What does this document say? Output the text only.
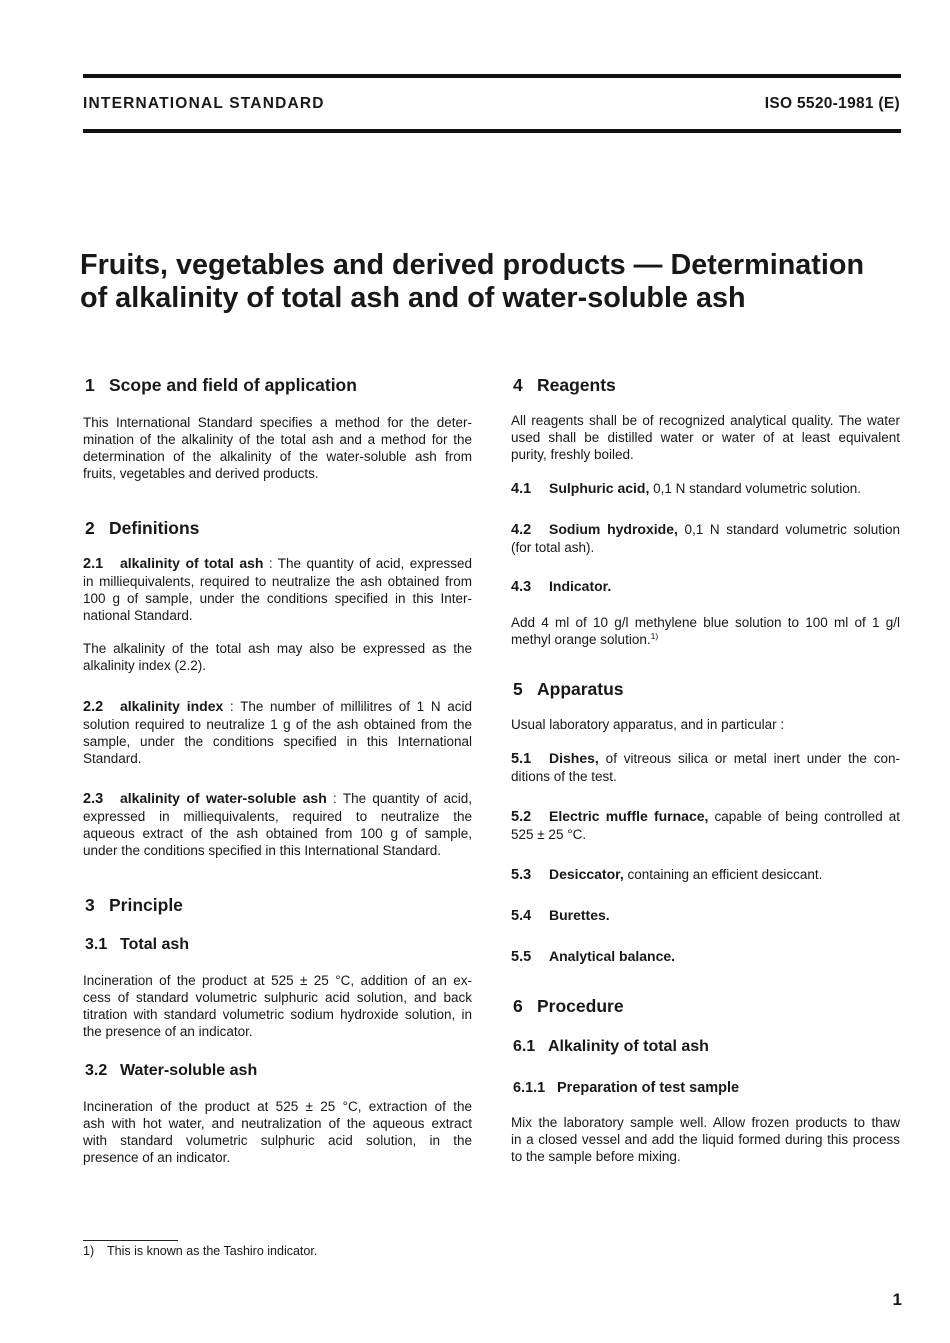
INTERNATIONAL STANDARD	ISO 5520-1981 (E)
Fruits, vegetables and derived products — Determination
of alkalinity of total ash and of water-soluble ash
1 Scope and field of application
This International Standard specifies a method for the deter-
mination of the alkalinity of the total ash and a method for the
determination of the alkalinity of the water-soluble ash from
fruits, vegetables and derived products.
2 Definitions
2.1 alkalinity of total ash : The quantity of acid, expressed
in milliequivalents, required to neutralize the ash obtained from
100 g of sample, under the conditions specified in this Inter-
national Standard.
The alkalinity of the total ash may also be expressed as the
alkalinity index (2.2).
2.2 alkalinity index : The number of millilitres of 1 N acid
solution required to neutralize 1 g of the ash obtained from the
sample, under the conditions specified in this International
Standard.
2.3 alkalinity of water-soluble ash : The quantity of acid,
expressed in milliequivalents, required to neutralize the
aqueous extract of the ash obtained from 100 g of sample,
under the conditions specified in this International Standard.
3 Principle
3.1 Total ash
Incineration of the product at 525 ± 25 °C, addition of an ex-
cess of standard volumetric sulphuric acid solution, and back
titration with standard volumetric sodium hydroxide solution, in
the presence of an indicator.
3.2 Water-soluble ash
Incineration of the product at 525 ± 25 °C, extraction of the
ash with hot water, and neutralization of the aqueous extract
with standard volumetric sulphuric acid solution, in the
presence of an indicator.
4 Reagents
All reagents shall be of recognized analytical quality. The water
used shall be distilled water or water of at least equivalent
purity, freshly boiled.
4.1 Sulphuric acid, 0,1 N standard volumetric solution.
4.2 Sodium hydroxide, 0,1 N standard volumetric solution
(for total ash).
4.3 Indicator.
Add 4 ml of 10 g/l methylene blue solution to 100 ml of 1 g/l
methyl orange solution.$^{1)}$
5 Apparatus
Usual laboratory apparatus, and in particular :
5.1 Dishes, of vitreous silica or metal inert under the con-
ditions of the test.
5.2 Electric muffle furnace, capable of being controlled at
525 ± 25 °C.
5.3 Desiccator, containing an efficient desiccant.
5.4 Burettes.
5.5 Analytical balance.
6 Procedure
6.1 Alkalinity of total ash
6.1.1 Preparation of test sample
Mix the laboratory sample well. Allow frozen products to thaw
in a closed vessel and add the liquid formed during this process
to the sample before mixing.
1) This is known as the Tashiro indicator.
1
